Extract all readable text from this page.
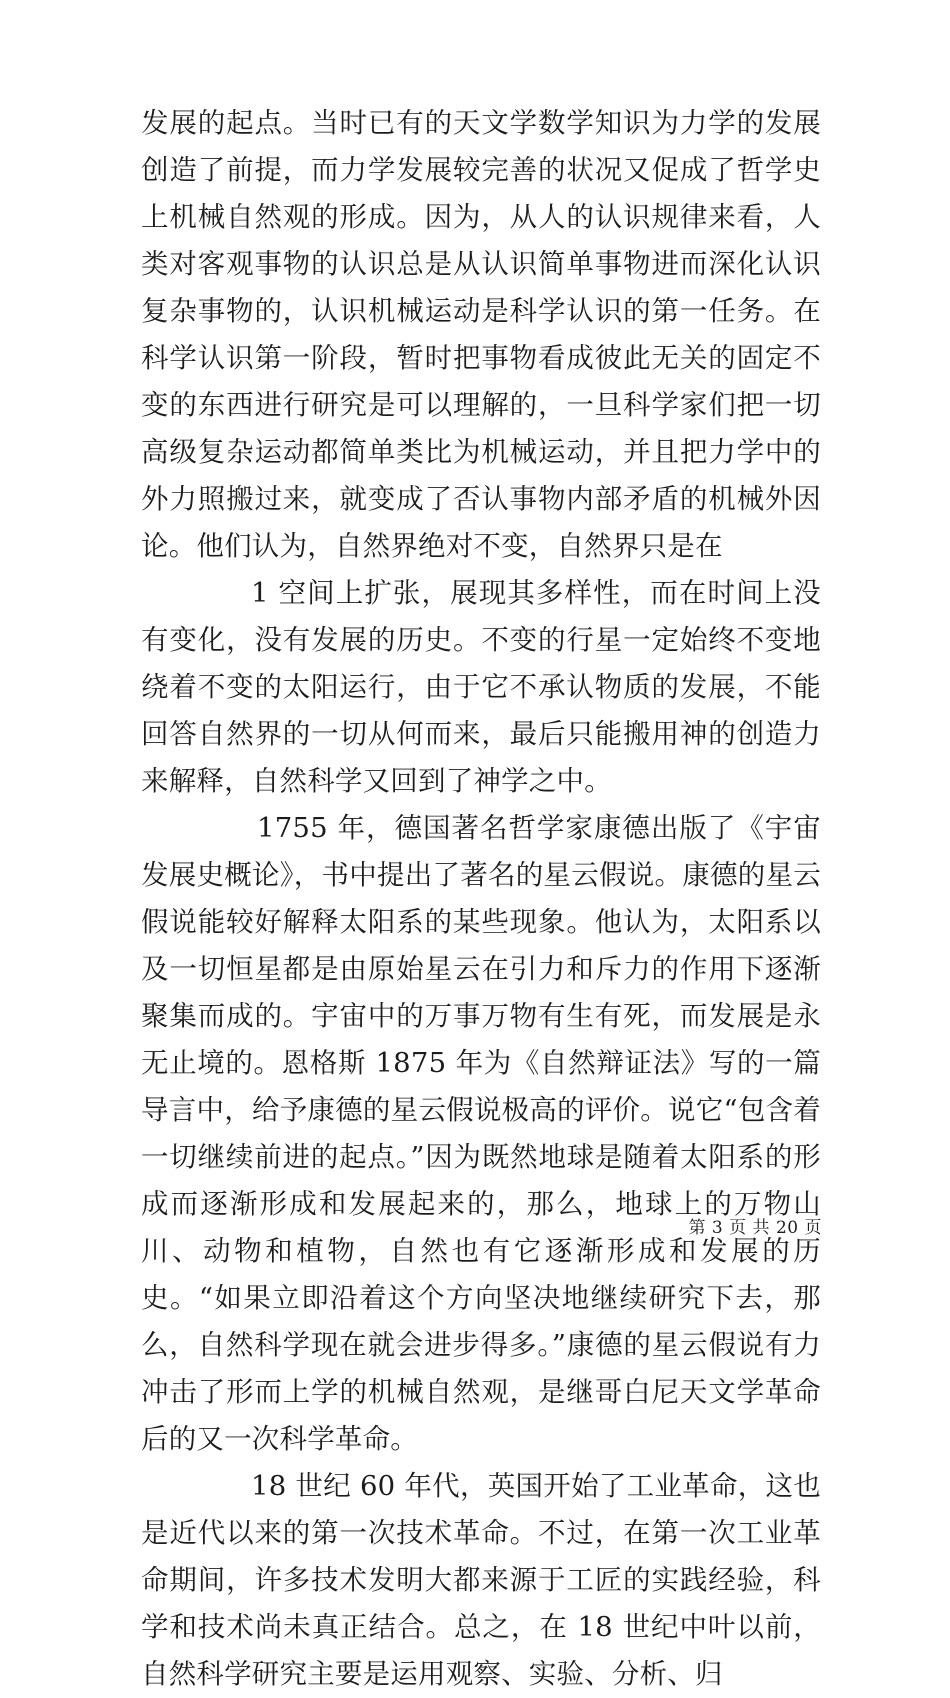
发展的起点。当时已有的天文学数学知识为力学的发展创造了前提，而力学发展较完善的状况又促成了哲学史上机械自然观的形成。因为，从人的认识规律来看，人类对客观事物的认识总是从认识简单事物进而深化认识复杂事物的，认识机械运动是科学认识的第一任务。在科学认识第一阶段，暂时把事物看成彼此无关的固定不变的东西进行研究是可以理解的，一旦科学家们把一切高级复杂运动都简单类比为机械运动，并且把力学中的外力照搬过来，就变成了否认事物内部矛盾的机械外因论。他们认为，自然界绝对不变，自然界只是在

1 空间上扩张，展现其多样性，而在时间上没有变化，没有发展的历史。不变的行星一定始终不变地绕着不变的太阳运行，由于它不承认物质的发展，不能回答自然界的一切从何而来，最后只能搬用神的创造力来解释，自然科学又回到了神学之中。

1755 年，德国著名哲学家康德出版了《宇宙发展史概论》，书中提出了著名的星云假说。康德的星云假说能较好解释太阳系的某些现象。他认为，太阳系以及一切恒星都是由原始星云在引力和斥力的作用下逐渐聚集而成的。宇宙中的万事万物有生有死，而发展是永无止境的。恩格斯 1875 年为《自然辩证法》写的一篇导言中，给予康德的星云假说极高的评价。说它“包含着一切继续前进的起点。”因为既然地球是随着太阳系的形成而逐渐形成和发展起来的，那么，地球上的万物山川、动物和植物，自然也有它逐渐形成和发展的历史。“如果立即沿着这个方向坚决地继续研究下去，那么，自然科学现在就会进步得多。”康德的星云假说有力冲击了形而上学的机械自然观，是继哥白尼天文学革命后的又一次科学革命。

18 世纪 60 年代，英国开始了工业革命，这也是近代以来的第一次技术革命。不过，在第一次工业革命期间，许多技术发明大都来源于工匠的实践经验，科学和技术尚未真正结合。总之，在 18 世纪中叶以前，自然科学研究主要是运用观察、实验、分析、归

第 3 页 共 20 页
